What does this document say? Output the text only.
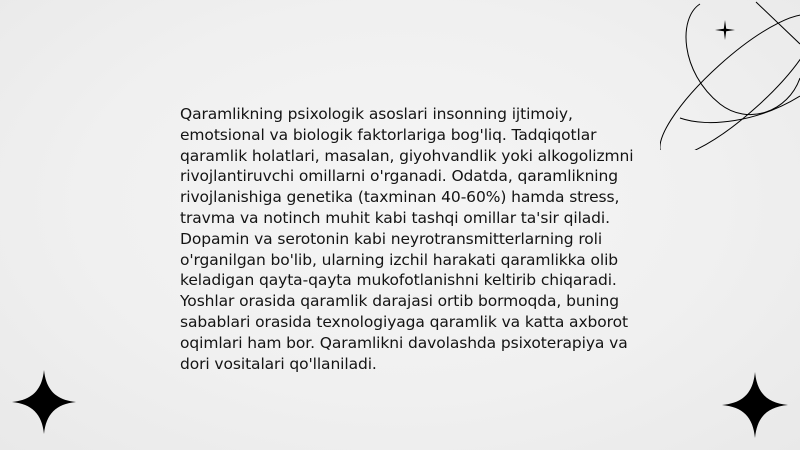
Qaramlikning psixologik asoslari insonning ijtimoiy, emotsional va biologik faktorlariga bog'liq. Tadqiqotlar qaramlik holatlari, masalan, giyohvandlik yoki alkogolizmni rivojlantiruvchi omillarni o'rganadi. Odatda, qaramlikning rivojlanishiga genetika (taxminan 40-60%) hamda stress, travma va notinch muhit kabi tashqi omillar ta'sir qiladi. Dopamin va serotonin kabi neyrotransmitterlarning roli o'rganilgan bo'lib, ularning izchil harakati qaramlikka olib keladigan qayta-qayta mukofotlanishni keltirib chiqaradi. Yoshlar orasida qaramlik darajasi ortib bormoqda, buning sabablari orasida texnologiyaga qaramlik va katta axborot oqimlari ham bor. Qaramlikni davolashda psixoterapiya va dori vositalari qo'llaniladi.
